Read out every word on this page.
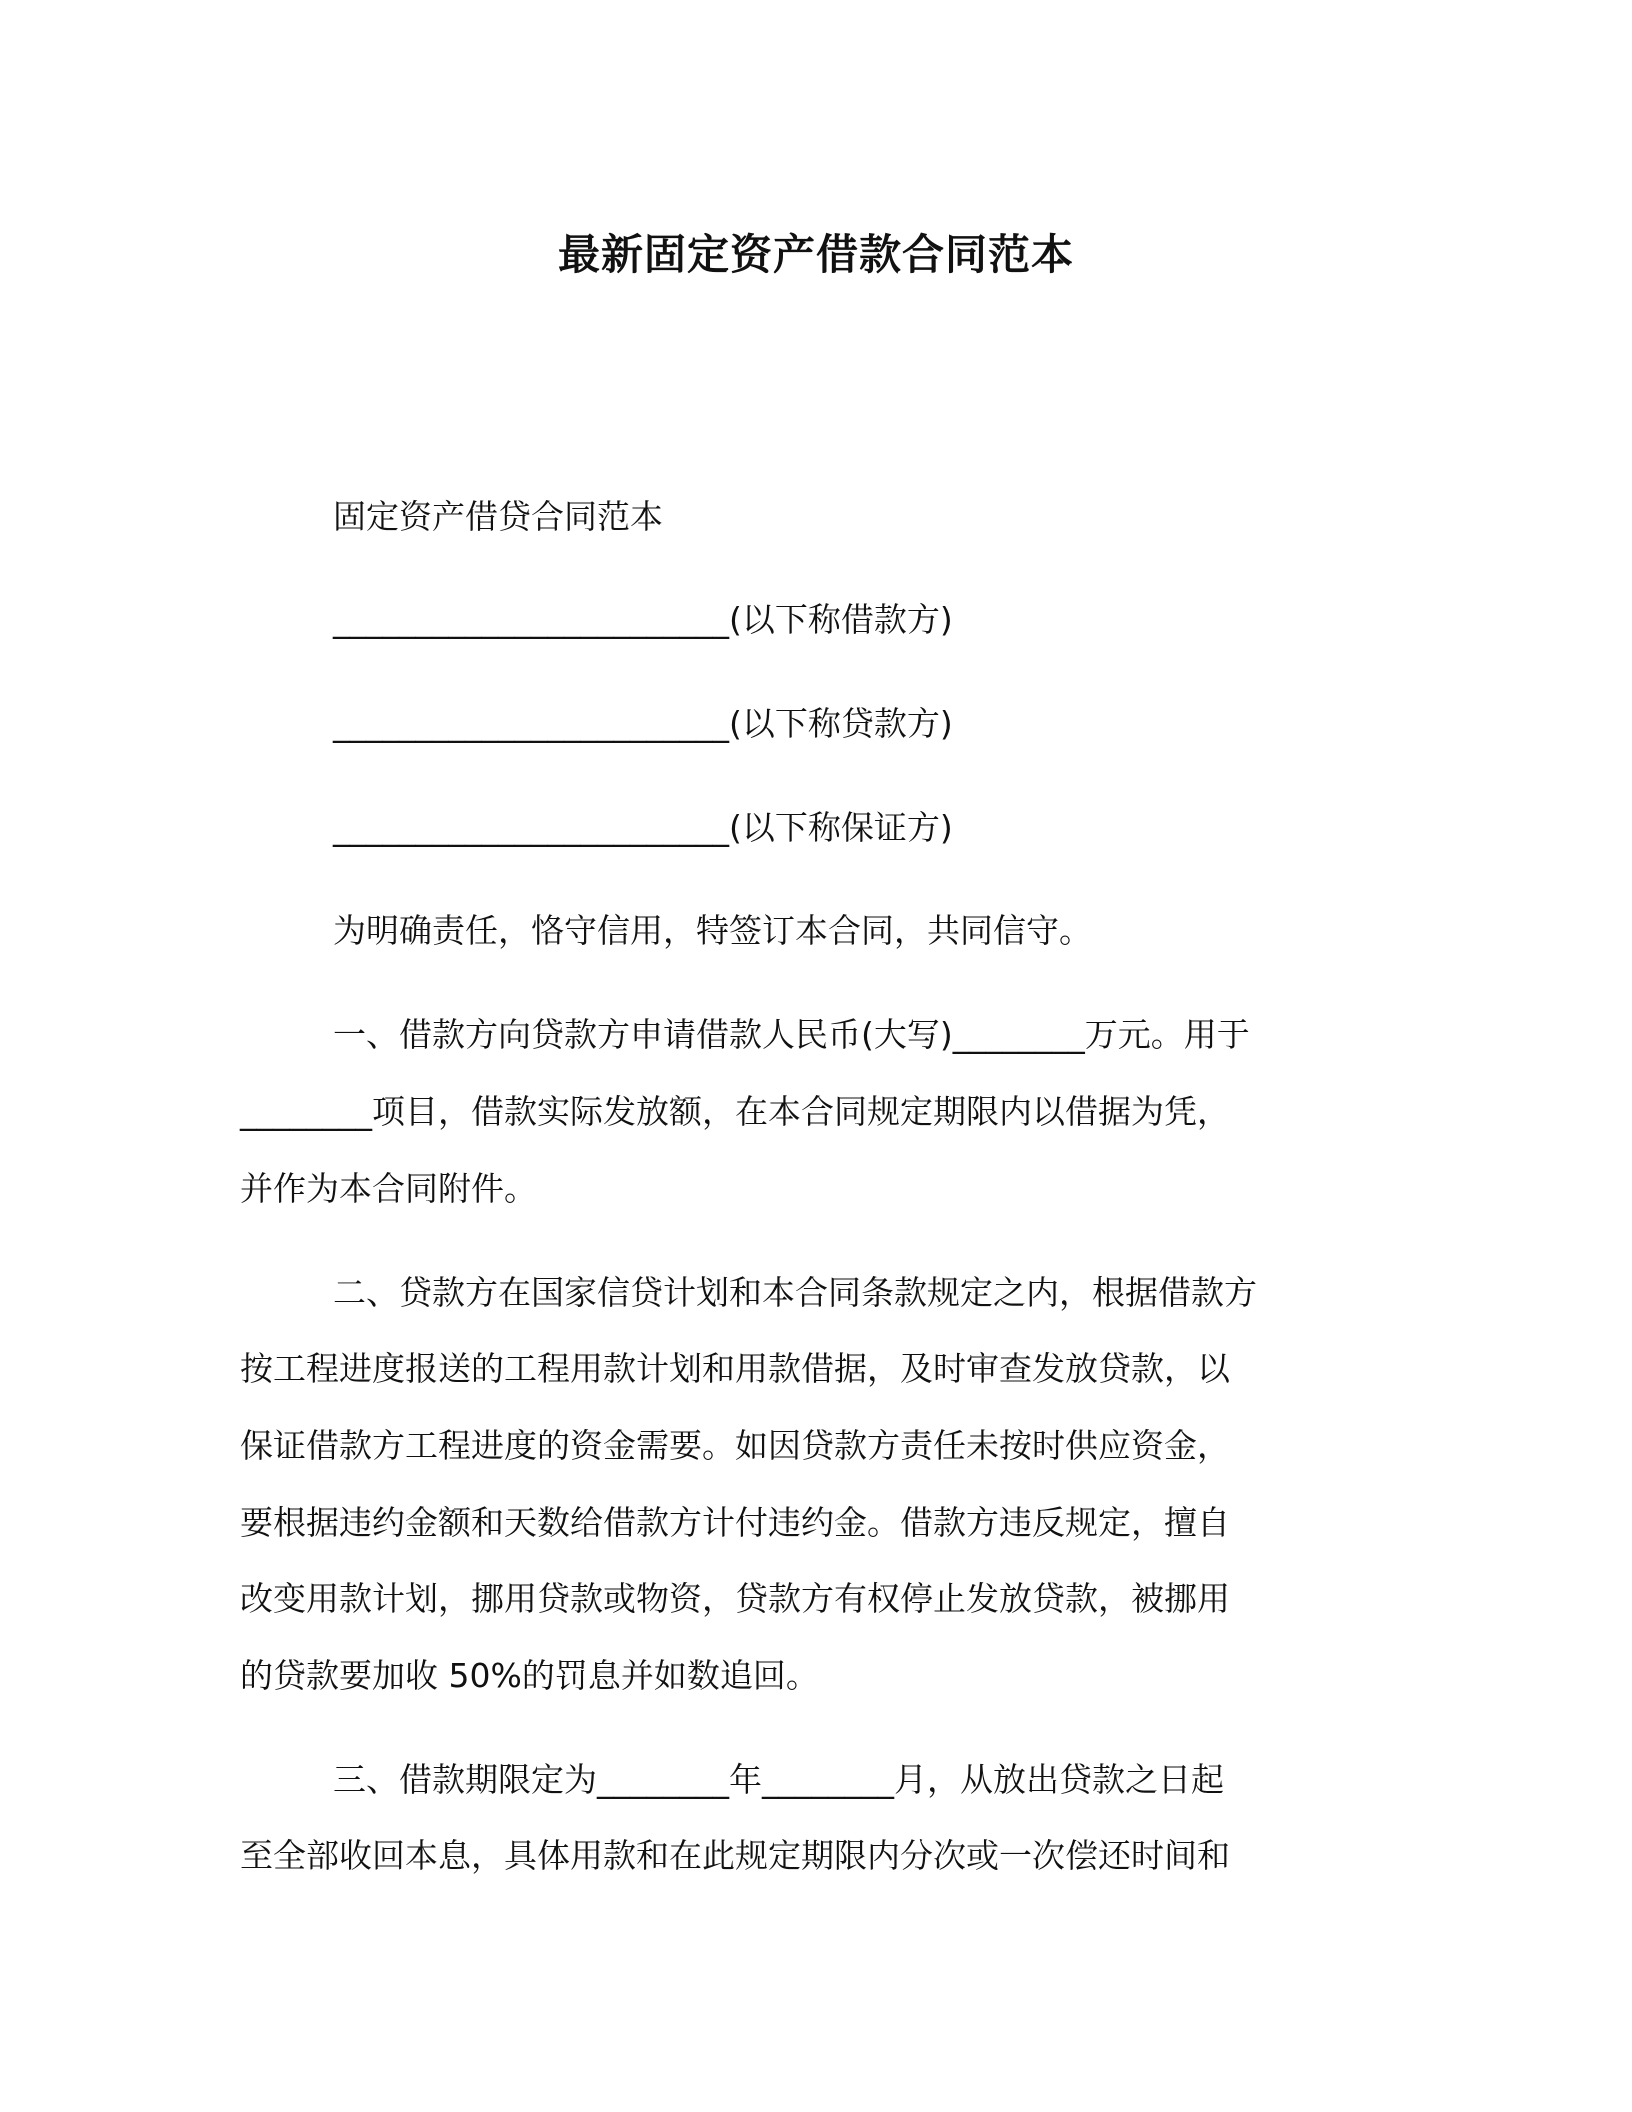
最新固定资产借款合同范本
固定资产借贷合同范本
________________________(以下称借款方)
________________________(以下称贷款方)
________________________(以下称保证方)
为明确责任，恪守信用，特签订本合同，共同信守。
一、借款方向贷款方申请借款人民币(大写)________万元。用于
________项目，借款实际发放额，在本合同规定期限内以借据为凭，
并作为本合同附件。
二、贷款方在国家信贷计划和本合同条款规定之内，根据借款方
按工程进度报送的工程用款计划和用款借据，及时审查发放贷款，以
保证借款方工程进度的资金需要。如因贷款方责任未按时供应资金，
要根据违约金额和天数给借款方计付违约金。借款方违反规定，擅自
改变用款计划，挪用贷款或物资，贷款方有权停止发放贷款，被挪用
的贷款要加收 50%的罚息并如数追回。
三、借款期限定为________年________月，从放出贷款之日起
至全部收回本息，具体用款和在此规定期限内分次或一次偿还时间和
